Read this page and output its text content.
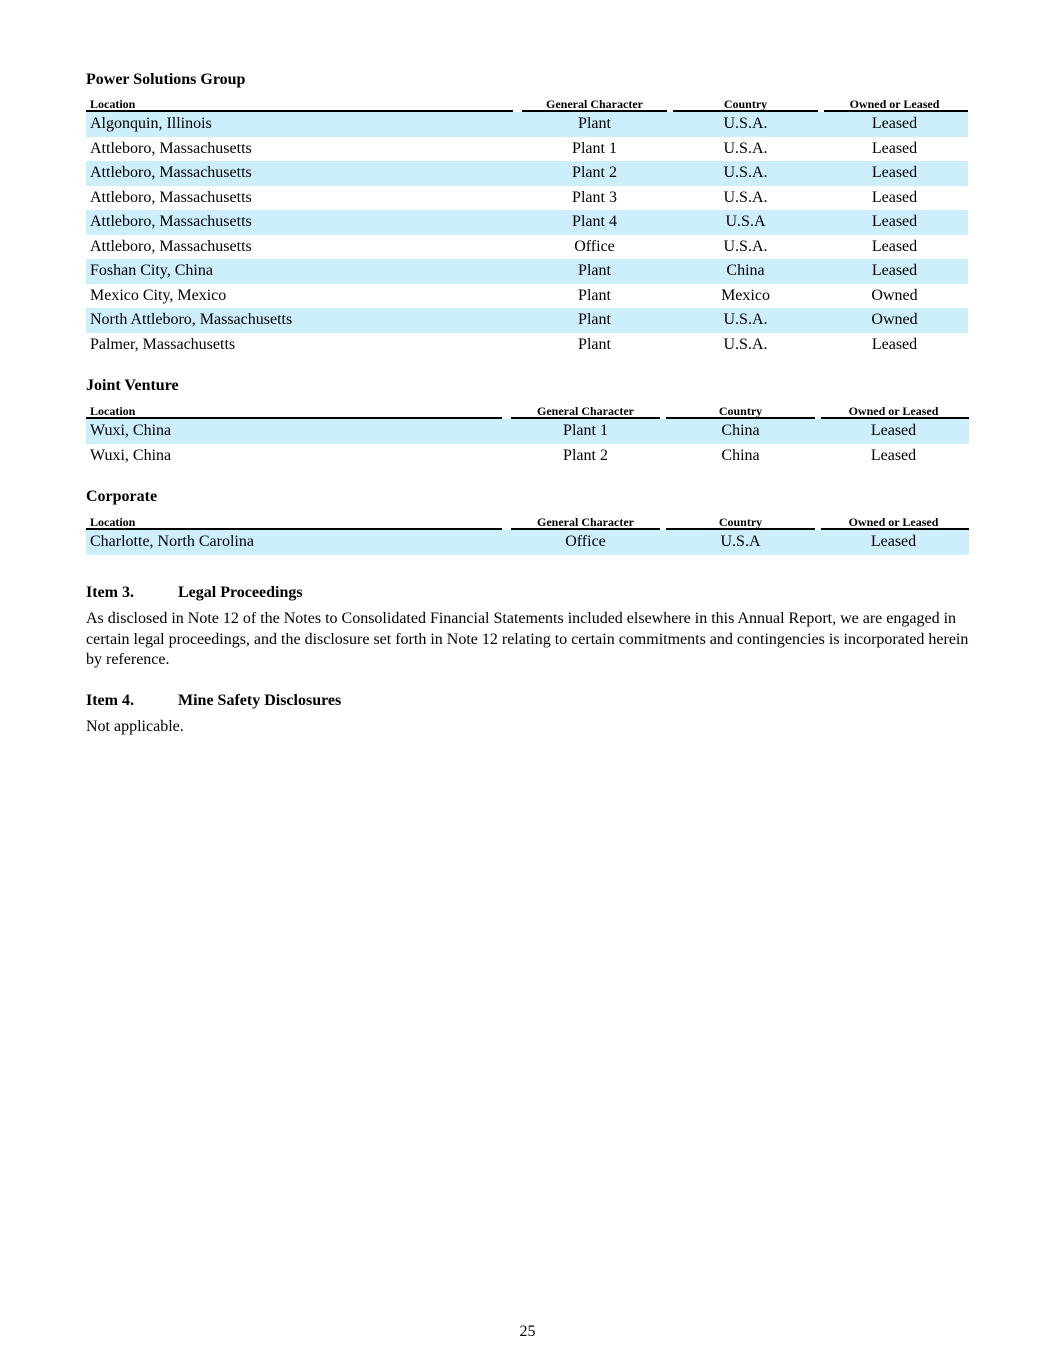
Power Solutions Group
Location	General Character	Country	Owned or Leased
Algonquin, Illinois	Plant	U.S.A.	Leased
Attleboro, Massachusetts	Plant 1	U.S.A.	Leased
Attleboro, Massachusetts	Plant 2	U.S.A.	Leased
Attleboro, Massachusetts	Plant 3	U.S.A.	Leased
Attleboro, Massachusetts	Plant 4	U.S.A	Leased
Attleboro, Massachusetts	Office	U.S.A.	Leased
Foshan City, China	Plant	China	Leased
Mexico City, Mexico	Plant	Mexico	Owned
North Attleboro, Massachusetts	Plant	U.S.A.	Owned
Palmer, Massachusetts	Plant	U.S.A.	Leased
Joint Venture
Location	General Character	Country	Owned or Leased
Wuxi, China	Plant 1	China	Leased
Wuxi, China	Plant 2	China	Leased
Corporate
Location	General Character	Country	Owned or Leased
Charlotte, North Carolina	Office	U.S.A	Leased
Item 3.	Legal Proceedings

As disclosed in Note 12 of the Notes to Consolidated Financial Statements included elsewhere in this Annual Report, we are engaged in certain legal proceedings, and the disclosure set forth in Note 12 relating to certain commitments and contingencies is incorporated herein by reference.

Item 4.	Mine Safety Disclosures

Not applicable.

25
